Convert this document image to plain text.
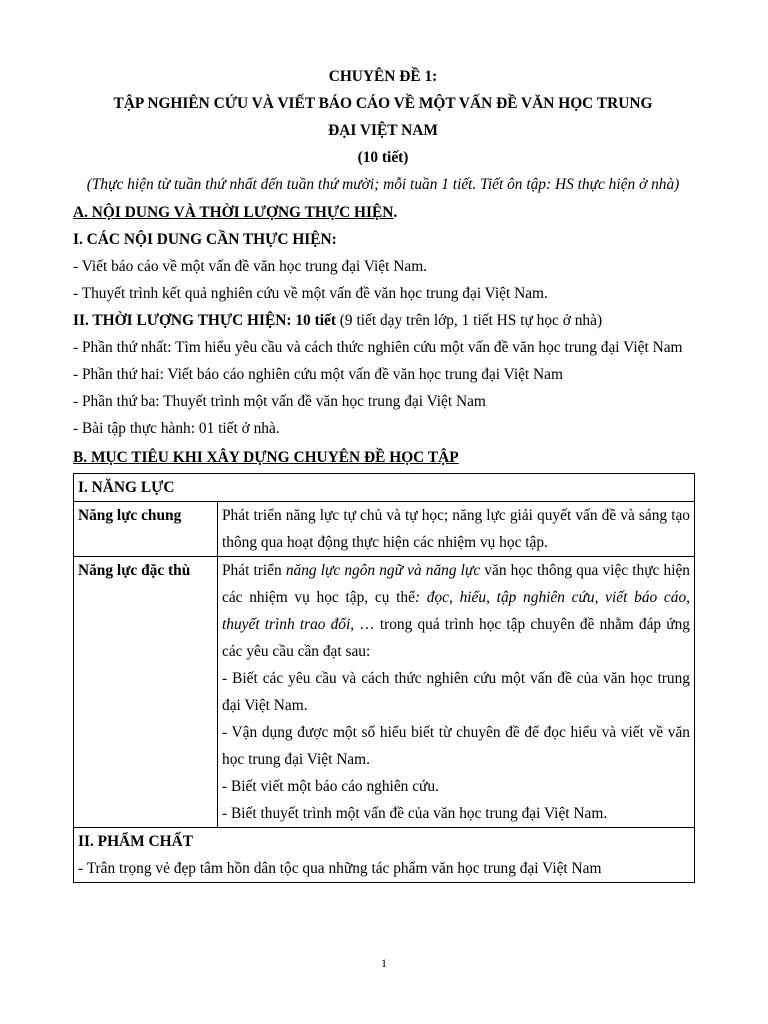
CHUYÊN ĐỀ 1:

TẬP NGHIÊN CỨU VÀ VIẾT BÁO CÁO VỀ MỘT VẤN ĐỀ VĂN HỌC TRUNG

ĐẠI VIỆT NAM

(10 tiết)

(Thực hiện từ tuần thứ nhất đến tuần thứ mười; mỗi tuần 1 tiết. Tiết ôn tập: HS thực hiện ở nhà)

A. NỘI DUNG VÀ THỜI LƯỢNG THỰC HIỆN.

I. CÁC NỘI DUNG CẦN THỰC HIỆN:

- Viết báo cáo về một vấn đề văn học trung đại Việt Nam.

- Thuyết trình kết quả nghiên cứu về một vấn đề văn học trung đại Việt Nam.

II. THỜI LƯỢNG THỰC HIỆN: 10 tiết (9 tiết dạy trên lớp, 1 tiết HS tự học ở nhà)

- Phần thứ nhất: Tìm hiểu yêu cầu và cách thức nghiên cứu một vấn đề văn học trung đại Việt Nam

- Phần thứ hai: Viết báo cáo nghiên cứu một vấn đề văn học trung đại Việt Nam

- Phần thứ ba: Thuyết trình một vấn đề văn học trung đại Việt Nam

- Bài tập thực hành: 01 tiết ở nhà.

B. MỤC TIÊU KHI XÂY DỰNG CHUYÊN ĐỀ HỌC TẬP

I. NĂNG LỰC	
Năng lực chung	Phát triển năng lực tự chủ và tự học; năng lực giải quyết vấn đề và sáng tạo thông qua hoạt động thực hiện các nhiệm vụ học tập.
Năng lực đặc thù	Phát triển năng lực ngôn ngữ và năng lực văn học thông qua việc thực hiện các nhiệm vụ học tập, cụ thể: đọc, hiểu, tập nghiên cứu, viết báo cáo, thuyết trình trao đổi, … trong quá trình học tập chuyên đề nhằm đáp ứng các yêu cầu cần đạt sau:

- Biết các yêu cầu và cách thức nghiên cứu một vấn đề của văn học trung đại Việt Nam.

- Vận dụng được một số hiểu biết từ chuyên đề để đọc hiểu và viết về văn học trung đại Việt Nam.

- Biết viết một báo cáo nghiên cứu.

- Biết thuyết trình một vấn đề của văn học trung đại Việt Nam.

II. PHẨM CHẤT

- Trân trọng vẻ đẹp tâm hồn dân tộc qua những tác phẩm văn học trung đại Việt Nam	

1
